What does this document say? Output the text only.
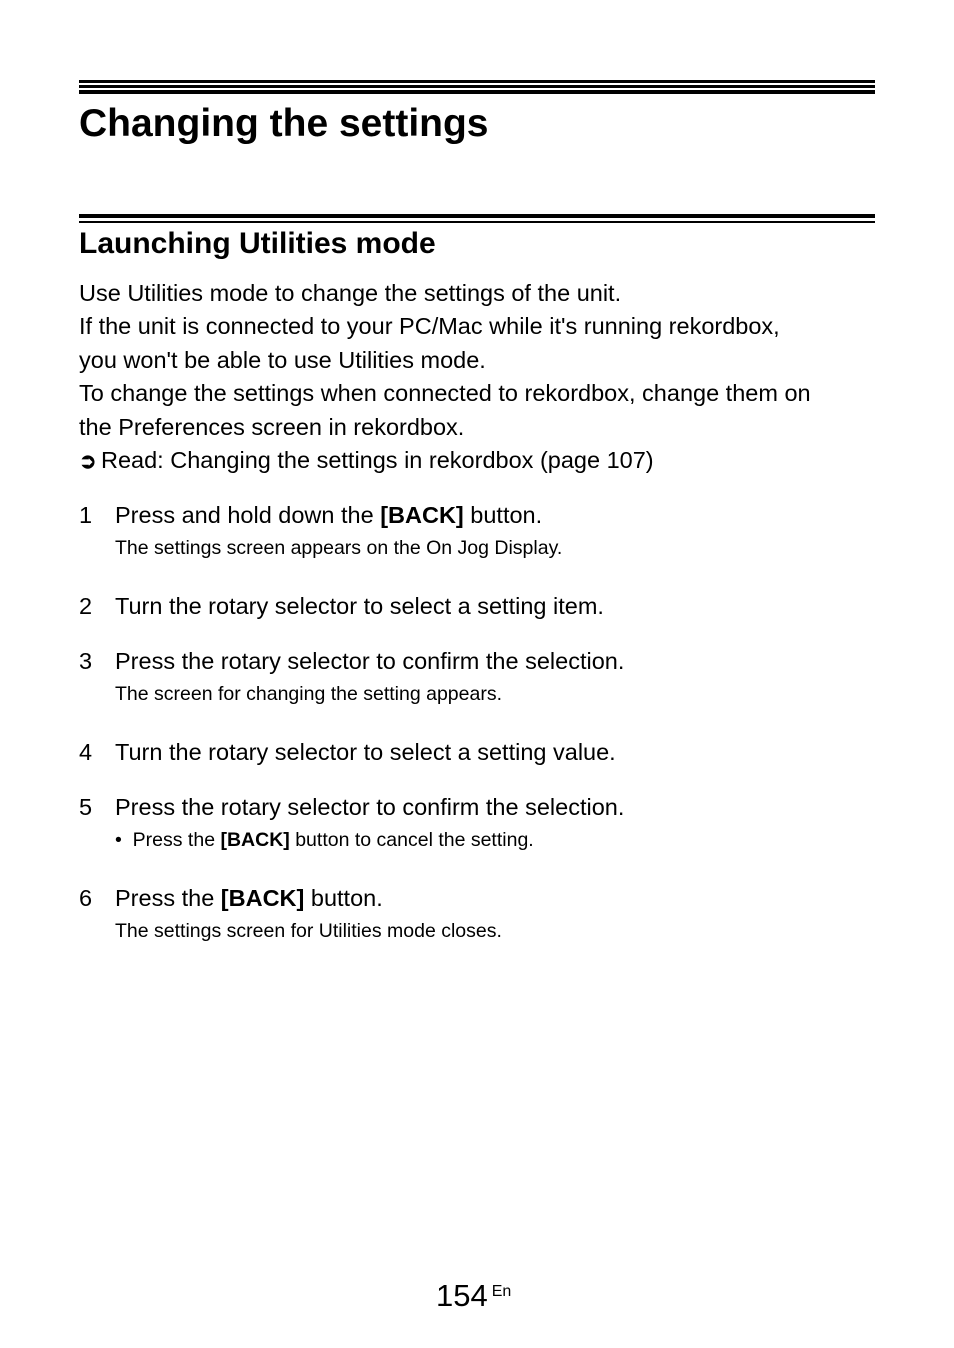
Changing the settings
Launching Utilities mode

Use Utilities mode to change the settings of the unit.

If the unit is connected to your PC/Mac while it's running rekordbox,

you won't be able to use Utilities mode.

To change the settings when connected to rekordbox, change them on

the Preferences screen in rekordbox.

➲ Read: Changing the settings in rekordbox (page 107)

1 Press and hold down the [BACK] button.
The settings screen appears on the On Jog Display.
2 Turn the rotary selector to select a setting item.
3 Press the rotary selector to confirm the selection.
The screen for changing the setting appears.
4 Turn the rotary selector to select a setting value.
5 Press the rotary selector to confirm the selection.
• Press the [BACK] button to cancel the setting.
6 Press the [BACK] button.
The settings screen for Utilities mode closes.
154 En
